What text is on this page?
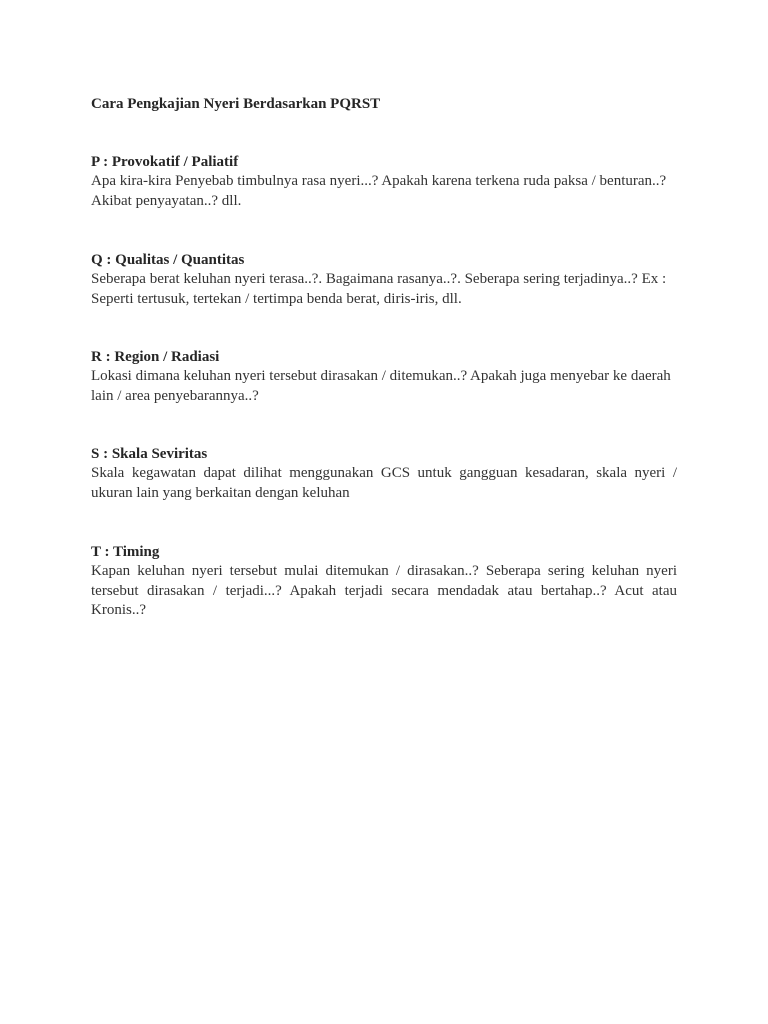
Cara Pengkajian Nyeri Berdasarkan PQRST
P : Provokatif / Paliatif

Apa kira-kira Penyebab timbulnya rasa nyeri...? Apakah karena terkena ruda paksa / benturan..? Akibat penyayatan..? dll.

Q : Qualitas / Quantitas

Seberapa berat keluhan nyeri terasa..?. Bagaimana rasanya..?. Seberapa sering terjadinya..? Ex : Seperti tertusuk, tertekan / tertimpa benda berat, diris-iris, dll.

R : Region / Radiasi

Lokasi dimana keluhan nyeri tersebut dirasakan / ditemukan..? Apakah juga menyebar ke daerah lain / area penyebarannya..?

S : Skala Seviritas

Skala kegawatan dapat dilihat menggunakan GCS untuk gangguan kesadaran, skala nyeri / ukuran lain yang berkaitan dengan keluhan

T : Timing

Kapan keluhan nyeri tersebut mulai ditemukan / dirasakan..? Seberapa sering keluhan nyeri tersebut dirasakan / terjadi...? Apakah terjadi secara mendadak atau bertahap..? Acut atau Kronis..?
